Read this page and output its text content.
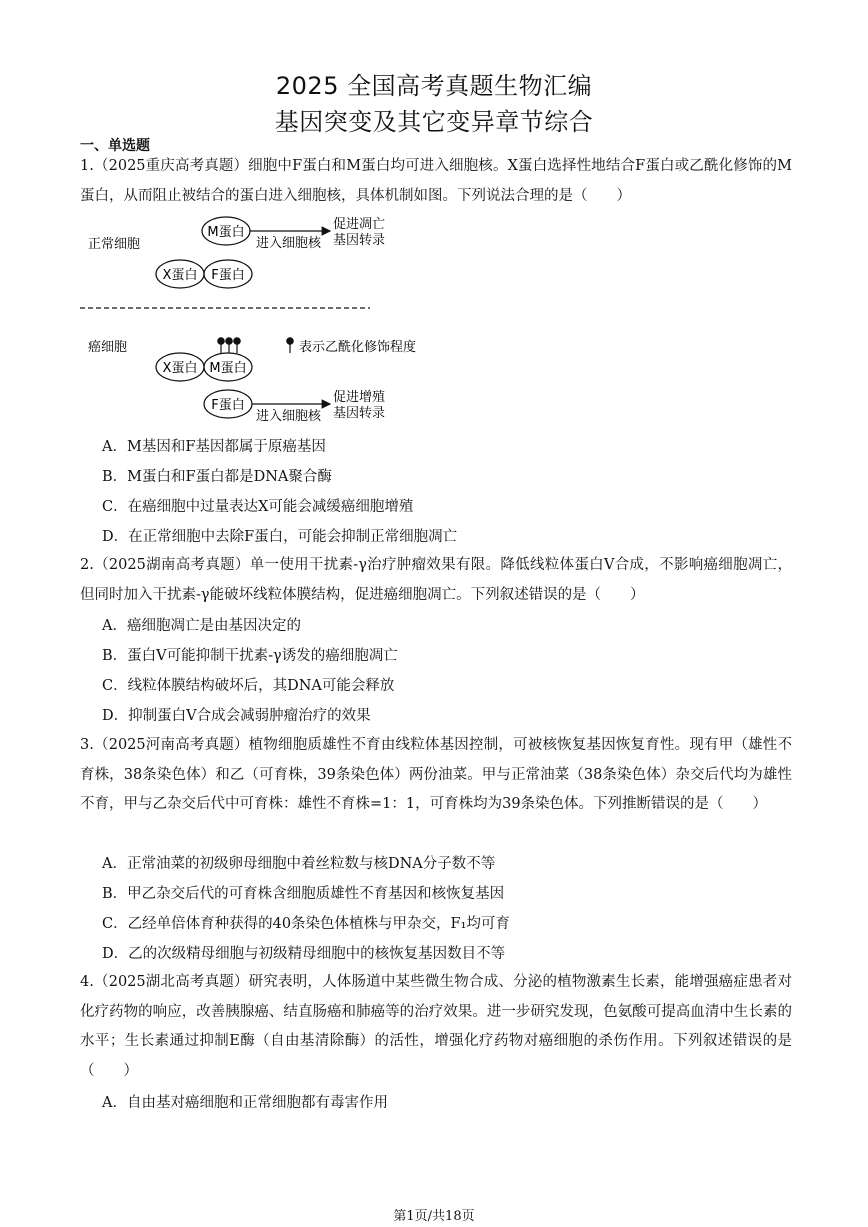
2025 全国高考真题生物汇编
基因突变及其它变异章节综合
一、单选题
1.（2025重庆高考真题）细胞中F蛋白和M蛋白均可进入细胞核。X蛋白选择性地结合F蛋白或乙酰化修饰的M蛋白，从而阻止被结合的蛋白进入细胞核，具体机制如图。下列说法合理的是（　　）
正常细胞
M蛋白
进入细胞核
促进凋亡
基因转录
X蛋白 F蛋白
癌细胞
X蛋白 M蛋白
表示乙酰化修饰程度
F蛋白
进入细胞核
促进增殖
基因转录
A．M基因和F基因都属于原癌基因
B．M蛋白和F蛋白都是DNA聚合酶
C．在癌细胞中过量表达X可能会减缓癌细胞增殖
D．在正常细胞中去除F蛋白，可能会抑制正常细胞凋亡
2.（2025湖南高考真题）单一使用干扰素-γ治疗肿瘤效果有限。降低线粒体蛋白V合成，不影响癌细胞凋亡，但同时加入干扰素-γ能破坏线粒体膜结构，促进癌细胞凋亡。下列叙述错误的是（　　）
A．癌细胞凋亡是由基因决定的
B．蛋白V可能抑制干扰素-γ诱发的癌细胞凋亡
C．线粒体膜结构破坏后，其DNA可能会释放
D．抑制蛋白V合成会减弱肿瘤治疗的效果
3.（2025河南高考真题）植物细胞质雄性不育由线粒体基因控制，可被核恢复基因恢复育性。现有甲（雄性不育株，38条染色体）和乙（可育株，39条染色体）两份油菜。甲与正常油菜（38条染色体）杂交后代均为雄性不育，甲与乙杂交后代中可育株：雄性不育株=1：1，可育株均为39条染色体。下列推断错误的是（　　）
A．正常油菜的初级卵母细胞中着丝粒数与核DNA分子数不等
B．甲乙杂交后代的可育株含细胞质雄性不育基因和核恢复基因
C．乙经单倍体育种获得的40条染色体植株与甲杂交，F₁均可育
D．乙的次级精母细胞与初级精母细胞中的核恢复基因数目不等
4.（2025湖北高考真题）研究表明，人体肠道中某些微生物合成、分泌的植物激素生长素，能增强癌症患者对化疗药物的响应，改善胰腺癌、结直肠癌和肺癌等的治疗效果。进一步研究发现，色氨酸可提高血清中生长素的水平；生长素通过抑制E酶（自由基清除酶）的活性，增强化疗药物对癌细胞的杀伤作用。下列叙述错误的是（　　）
A．自由基对癌细胞和正常细胞都有毒害作用
第1页/共18页
